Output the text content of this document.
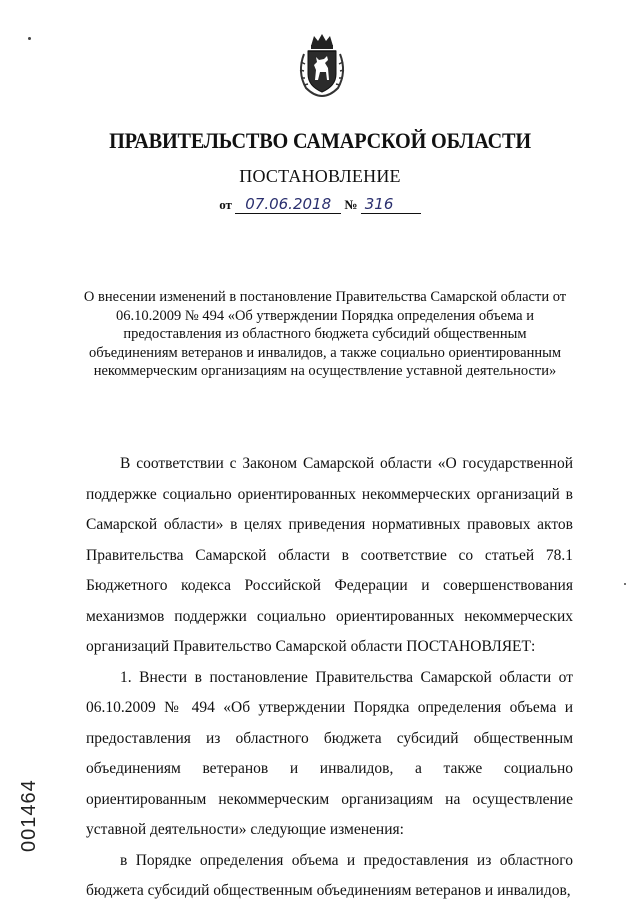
ПРАВИТЕЛЬСТВО САМАРСКОЙ ОБЛАСТИ
ПОСТАНОВЛЕНИЕ
от 07.06.2018 № 316
О внесении изменений в постановление Правительства Самарской области от 06.10.2009 № 494 «Об утверждении Порядка определения объема и предоставления из областного бюджета субсидий общественным объединениям ветеранов и инвалидов, а также социально ориентированным некоммерческим организациям на осуществление уставной деятельности»

В соответствии с Законом Самарской области «О государственной поддержке социально ориентированных некоммерческих организаций в Самарской области» в целях приведения нормативных правовых актов Правительства Самарской области в соответствие со статьей 78.1 Бюджетного кодекса Российской Федерации и совершенствования механизмов поддержки социально ориентированных некоммерческих организаций Правительство Самарской области ПОСТАНОВЛЯЕТ:

1. Внести в постановление Правительства Самарской области от 06.10.2009 № 494 «Об утверждении Порядка определения объема и предоставления из областного бюджета субсидий общественным объединениям ветеранов и инвалидов, а также социально ориентированным некоммерческим организациям на осуществление уставной деятельности» следующие изменения:

в Порядке определения объема и предоставления из областного бюджета субсидий общественным объединениям ветеранов и инвалидов,

001464
